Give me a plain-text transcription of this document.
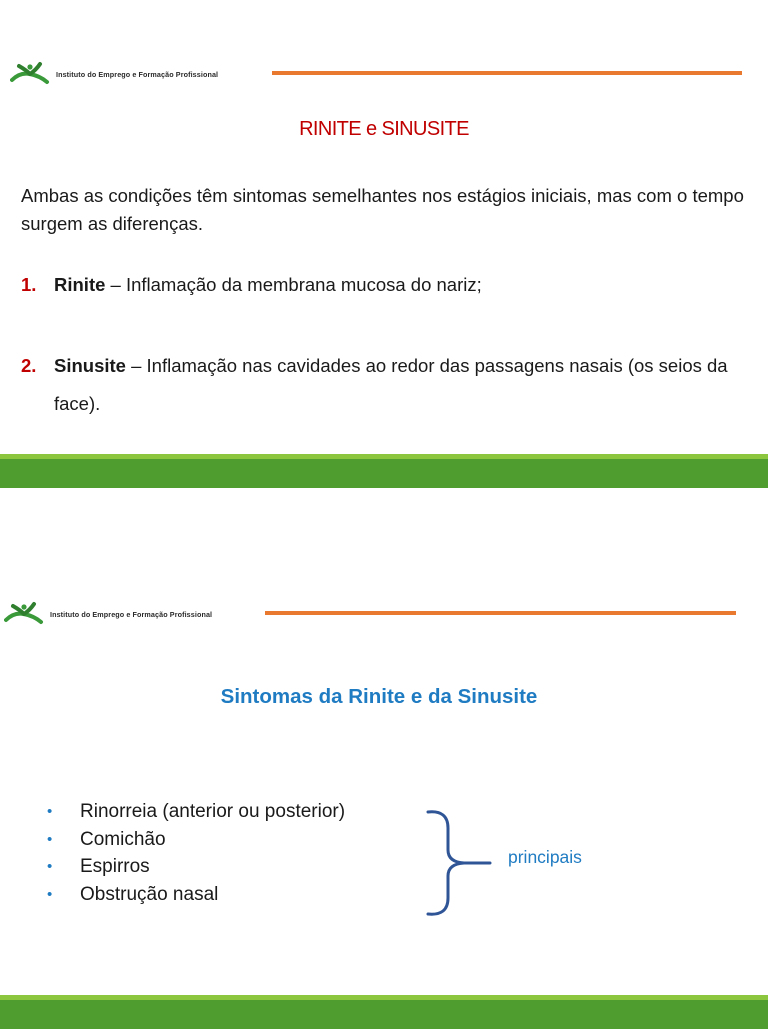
Instituto do Emprego e Formação Profissional
RINITE e SINUSITE
Ambas as condições têm sintomas semelhantes nos estágios iniciais, mas com o tempo surgem as diferenças.
1. Rinite – Inflamação da membrana mucosa do nariz;
2. Sinusite – Inflamação nas cavidades ao redor das passagens nasais (os seios da face).
Instituto do Emprego e Formação Profissional
Sintomas da Rinite e da Sinusite
• Rinorreia (anterior ou posterior)
• Comichão
• Espirros
• Obstrução nasal
principais
